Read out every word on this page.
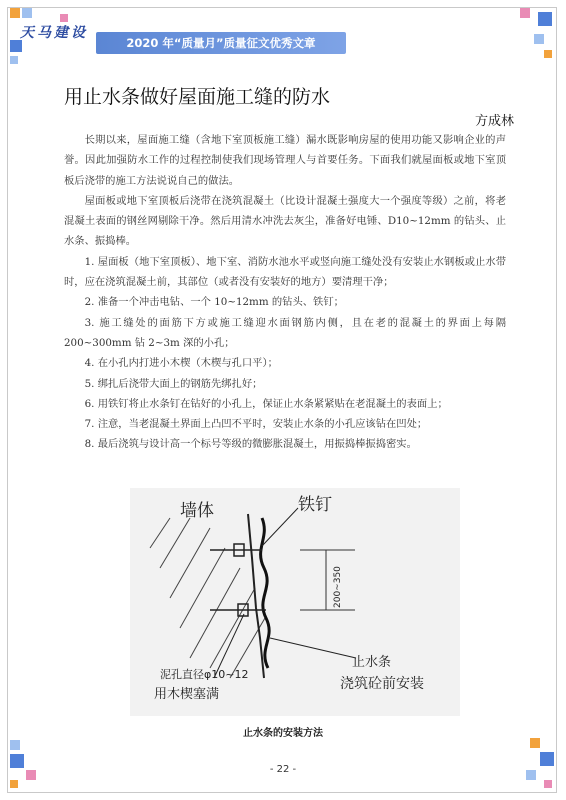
天马建设
2020 年“质量月”质量征文优秀文章
用止水条做好屋面施工缝的防水
方成林

长期以来，屋面施工缝（含地下室顶板施工缝）漏水既影响房屋的使用功能又影响企业的声誉。因此加强防水工作的过程控制使我们现场管理人与首要任务。下面我们就屋面板或地下室顶板后浇带的施工方法说说自己的做法。

屋面板或地下室顶板后浇带在浇筑混凝土（比设计混凝土强度大一个强度等级）之前，将老混凝土表面的钢丝网剔除干净。然后用清水冲洗去灰尘，准备好电锤、D10~12mm 的钻头、止水条、振捣棒。

1. 屋面板（地下室顶板）、地下室、消防水池水平或竖向施工缝处没有安装止水钢板或止水带时，应在浇筑混凝土前，其部位（或者没有安装好的地方）要清理干净；

2. 准备一个冲击电钻、一个 10~12mm 的钻头、铁钉；

3. 施工缝处的面筋下方或施工缝迎水面钢筋内侧，且在老的混凝土的界面上每隔 200~300mm 钻 2~3m 深的小孔；

4. 在小孔内打进小木楔（木楔与孔口平）；

5. 绑扎后浇带大面上的钢筋先绑扎好；

6. 用铁钉将止水条钉在钻好的小孔上，保证止水条紧紧贴在老混凝土的表面上；

7. 注意，当老混凝土界面上凸凹不平时，安装止水条的小孔应该钻在凹处；

8. 最后浇筑与设计高一个标号等级的微膨胀混凝土，用振捣棒振捣密实。

墙体	铁钉
200~350
泥孔直径φ10~12
用木楔塞满
止水条
浇筑砼前安装
止水条的安装方法
- 22 -
